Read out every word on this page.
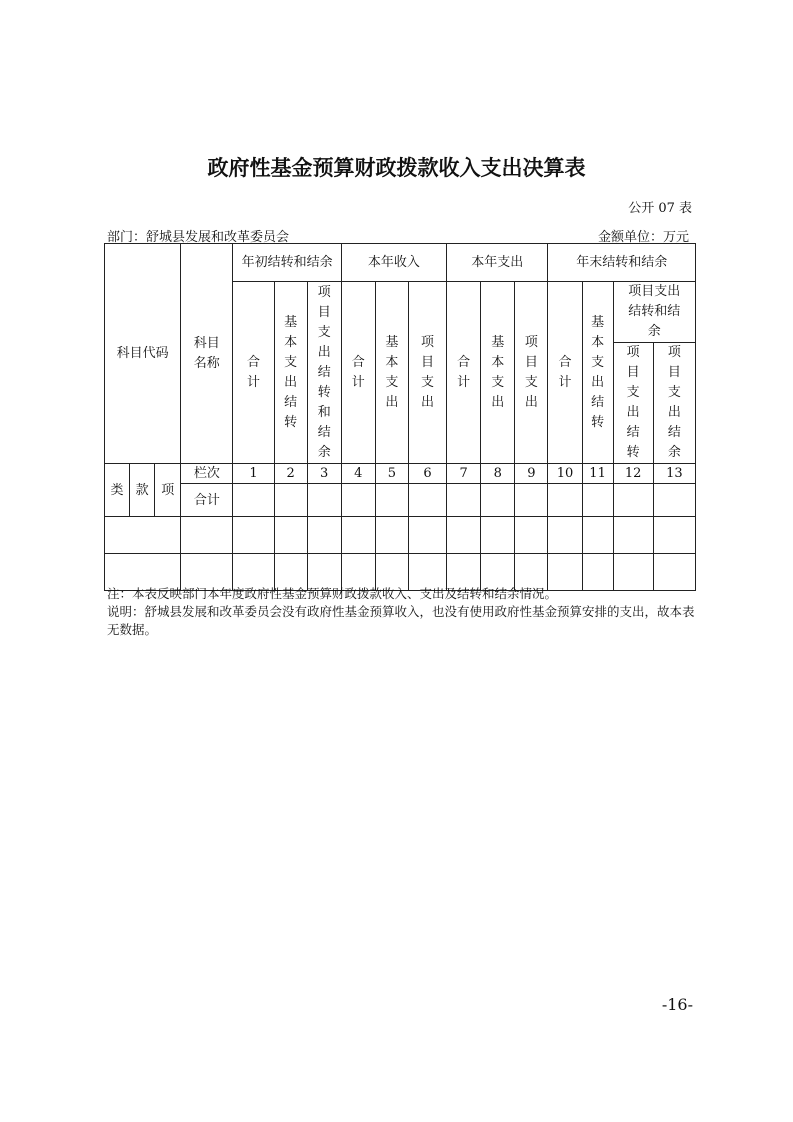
政府性基金预算财政拨款收入支出决算表
公开 07 表
部门：舒城县发展和改革委员会	金额单位：万元
科目代码			科目名称	年初结转和结余			本年收入			本年支出			年末结转和结余			
				合计	基本支出结转	项目支出结转和结余	合计	基本支出	项目支出	合计	基本支出	项目支出	合计	基本支出结转	项目支出结转和结余	
															项目支出结转	项目支出结余
类	款	项	栏次	1	2	3	4	5	6	7	8	9	10	11	12	13
			合计													

注：本表反映部门本年度政府性基金预算财政拨款收入、支出及结转和结余情况。

说明：舒城县发展和改革委员会没有政府性基金预算收入，也没有使用政府性基金预算安排的支出，故本表无数据。

-16-
